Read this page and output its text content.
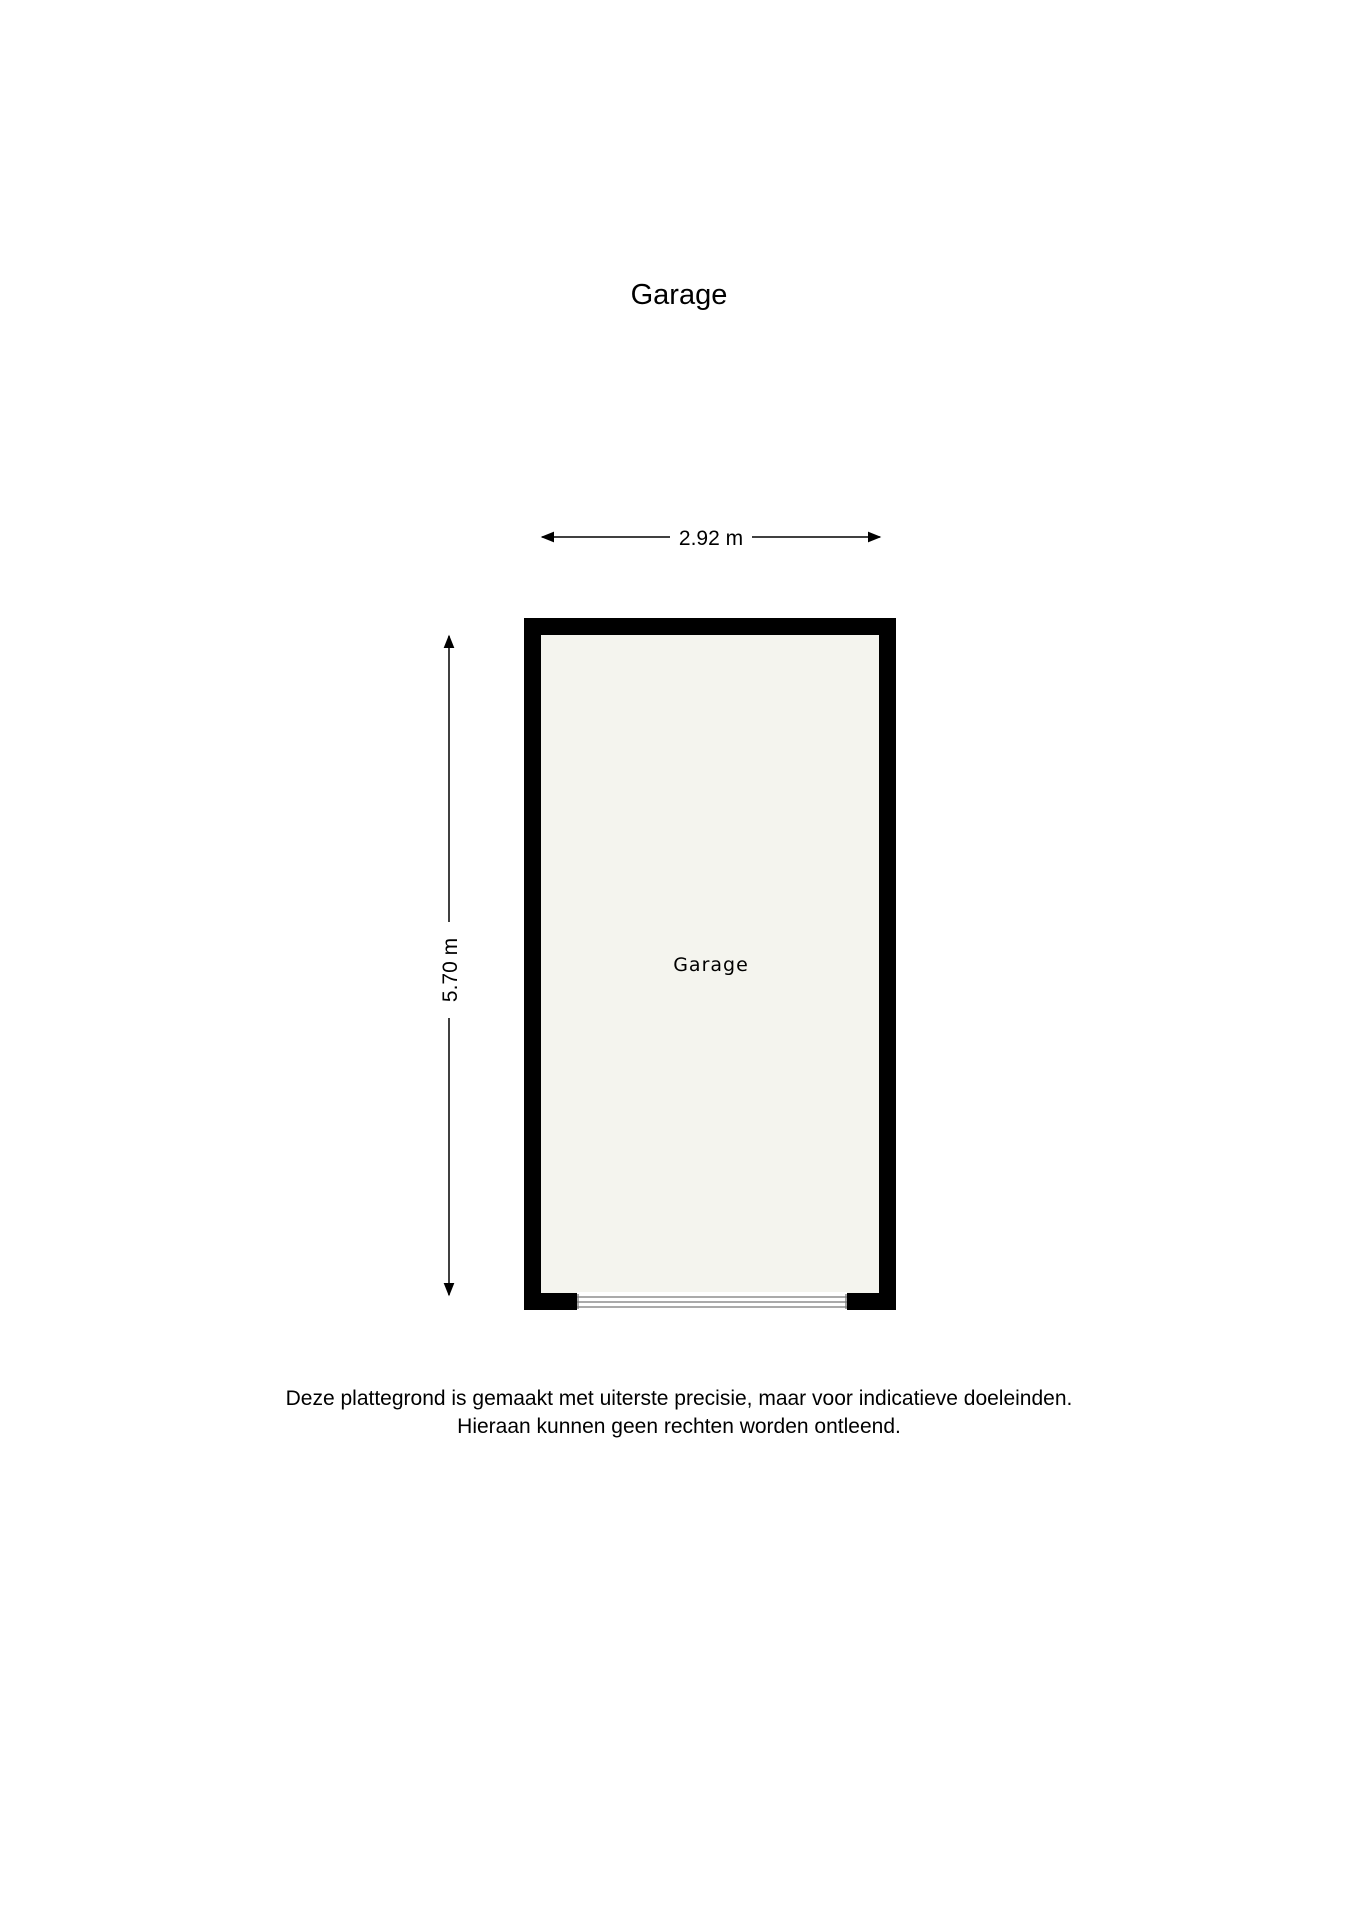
Garage
2.92 m
5.70 m	Garage
Deze plattegrond is gemaakt met uiterste precisie, maar voor indicatieve doeleinden.
Hieraan kunnen geen rechten worden ontleend.
